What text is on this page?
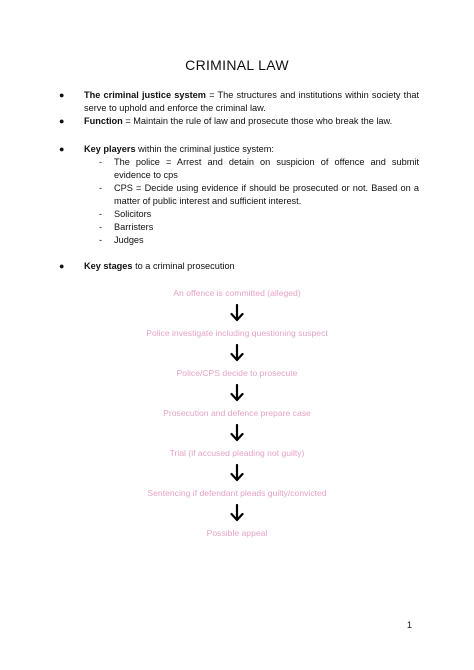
CRIMINAL LAW
●	The criminal justice system = The structures and institutions within society that serve to uphold and enforce the criminal law.
●	Function = Maintain the rule of law and prosecute those who break the law.
●	Key players within the criminal justice system:
- The police = Arrest and detain on suspicion of offence and submit evidence to cps
- CPS = Decide using evidence if should be prosecuted or not. Based on a matter of public interest and sufficient interest.
- Solicitors
- Barristers
- Judges
●	Key stages to a criminal prosecution
An offence is committed (alleged)
Police investigate including questioning suspect
Police/CPS decide to prosecute
Prosecution and defence prepare case
Trial (if accused pleading not guilty)
Sentencing if defendant pleads guilty/convicted
Possible appeal
1
